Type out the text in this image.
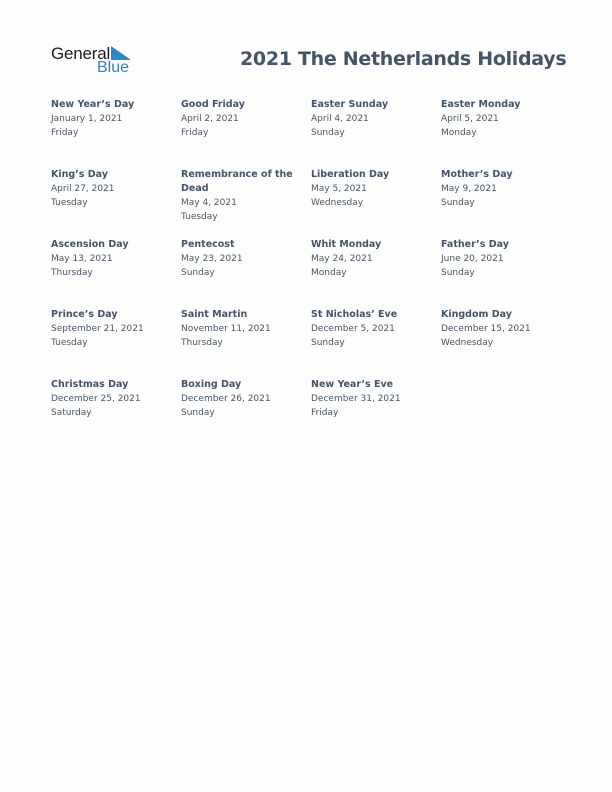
General
Blue	2021 The Netherlands Holidays
New Year’s Day
January 1, 2021
Friday
Good Friday
April 2, 2021
Friday
Easter Sunday
April 4, 2021
Sunday
Easter Monday
April 5, 2021
Monday
King’s Day
April 27, 2021
Tuesday
Remembrance of the Dead
May 4, 2021
Tuesday
Liberation Day
May 5, 2021
Wednesday
Mother’s Day
May 9, 2021
Sunday
Ascension Day
May 13, 2021
Thursday
Pentecost
May 23, 2021
Sunday
Whit Monday
May 24, 2021
Monday
Father’s Day
June 20, 2021
Sunday
Prince’s Day
September 21, 2021
Tuesday
Saint Martin
November 11, 2021
Thursday
St Nicholas’ Eve
December 5, 2021
Sunday
Kingdom Day
December 15, 2021
Wednesday
Christmas Day
December 25, 2021
Saturday
Boxing Day
December 26, 2021
Sunday
New Year’s Eve
December 31, 2021
Friday
